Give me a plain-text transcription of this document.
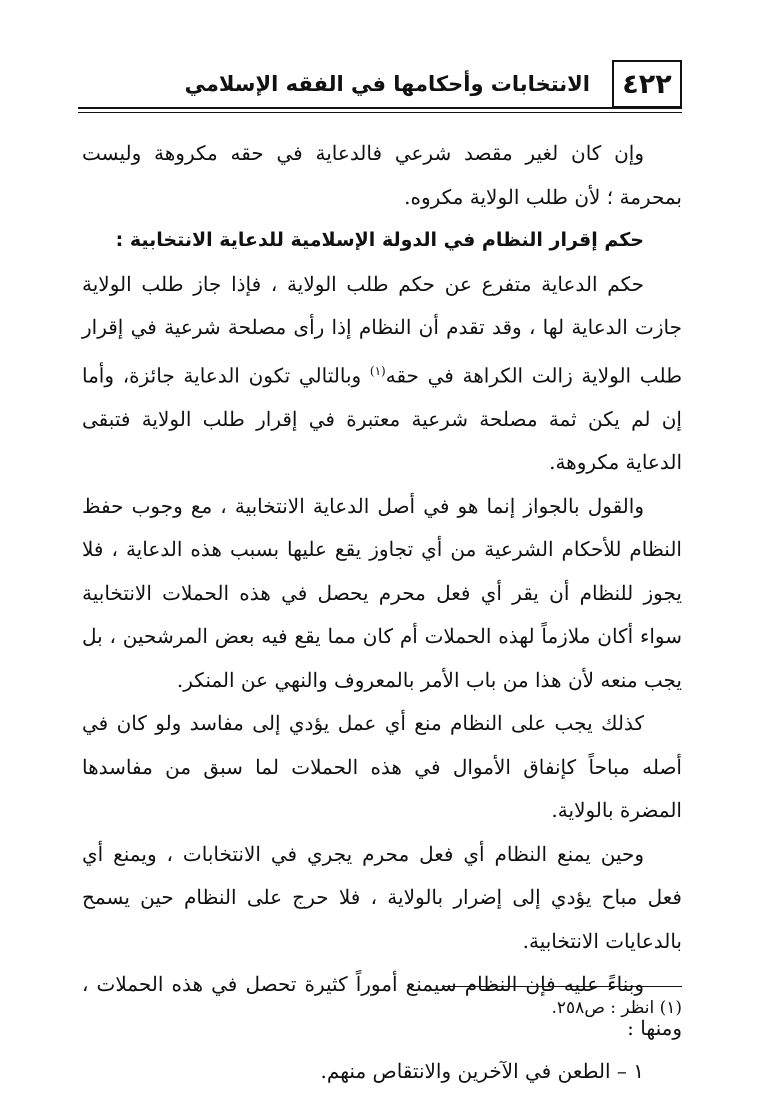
٤٢٢
الانتخابات وأحكامها في الفقه الإسلامي

وإن كان لغير مقصد شرعي فالدعاية في حقه مكروهة وليست بمحرمة ؛ لأن طلب الولاية مكروه.

حكم إقرار النظام في الدولة الإسلامية للدعاية الانتخابية :

حكم الدعاية متفرع عن حكم طلب الولاية ، فإذا جاز طلب الولاية جازت الدعاية لها ، وقد تقدم أن النظام إذا رأى مصلحة شرعية في إقرار طلب الولاية زالت الكراهة في حقه$^{(١)}$ وبالتالي تكون الدعاية جائزة، وأما إن لم يكن ثمة مصلحة شرعية معتبرة في إقرار طلب الولاية فتبقى الدعاية مكروهة.

والقول بالجواز إنما هو في أصل الدعاية الانتخابية ، مع وجوب حفظ النظام للأحكام الشرعية من أي تجاوز يقع عليها بسبب هذه الدعاية ، فلا يجوز للنظام أن يقر أي فعل محرم يحصل في هذه الحملات الانتخابية سواء أكان ملازماً لهذه الحملات أم كان مما يقع فيه بعض المرشحين ، بل يجب منعه لأن هذا من باب الأمر بالمعروف والنهي عن المنكر.

كذلك يجب على النظام منع أي عمل يؤدي إلى مفاسد ولو كان في أصله مباحاً كإنفاق الأموال في هذه الحملات لما سبق من مفاسدها المضرة بالولاية.

وحين يمنع النظام أي فعل محرم يجري في الانتخابات ، ويمنع أي فعل مباح يؤدي إلى إضرار بالولاية ، فلا حرج على النظام حين يسمح بالدعايات الانتخابية.

وبناءً عليه فإن النظام سيمنع أموراً كثيرة تحصل في هذه الحملات ، ومنها :

١ – الطعن في الآخرين والانتقاص منهم.

(١) انظر : ص٢٥٨.
